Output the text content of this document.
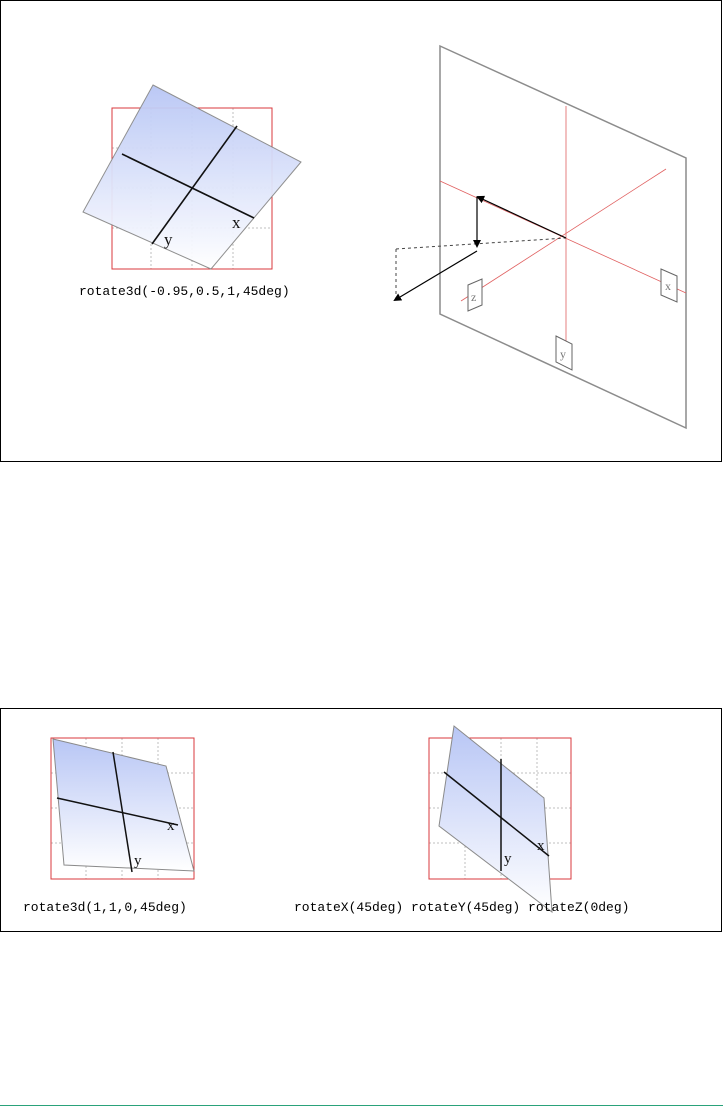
x
y
z
x
y

rotate3d(-0.95,0.5,1,45deg)

x
y
x
y

rotate3d(1,1,0,45deg)	rotateX(45deg) rotateY(45deg) rotateZ(0deg)
